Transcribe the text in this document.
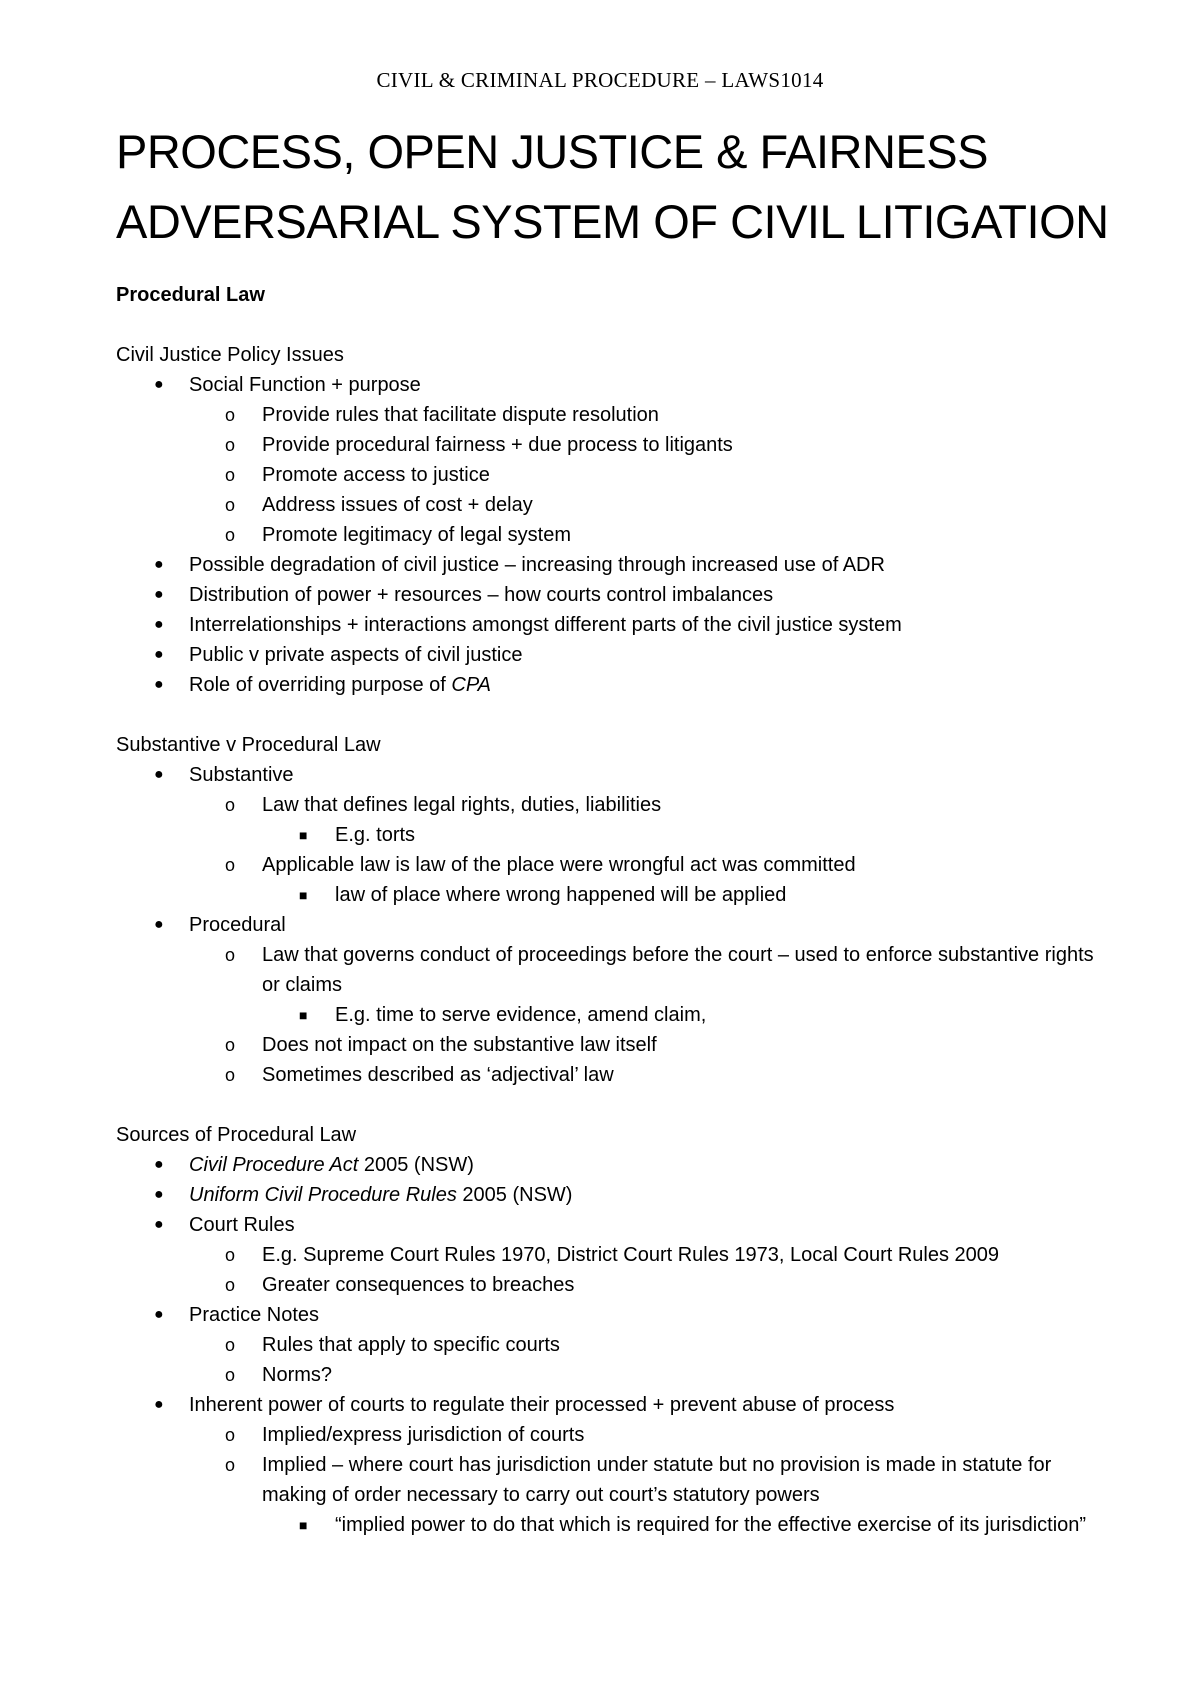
CIVIL & CRIMINAL PROCEDURE – LAWS1014
PROCESS, OPEN JUSTICE & FAIRNESS
ADVERSARIAL SYSTEM OF CIVIL LITIGATION
Procedural Law
Civil Justice Policy Issues
● Social Function + purpose
o Provide rules that facilitate dispute resolution
o Provide procedural fairness + due process to litigants
o Promote access to justice
o Address issues of cost + delay
o Promote legitimacy of legal system
● Possible degradation of civil justice – increasing through increased use of ADR
● Distribution of power + resources – how courts control imbalances
● Interrelationships + interactions amongst different parts of the civil justice system
● Public v private aspects of civil justice
● Role of overriding purpose of CPA
Substantive v Procedural Law
● Substantive
o Law that defines legal rights, duties, liabilities
■ E.g. torts
o Applicable law is law of the place were wrongful act was committed
■ law of place where wrong happened will be applied
● Procedural
o Law that governs conduct of proceedings before the court – used to enforce substantive rights or claims
■ E.g. time to serve evidence, amend claim,
o Does not impact on the substantive law itself
o Sometimes described as ‘adjectival’ law
Sources of Procedural Law
● Civil Procedure Act 2005 (NSW)
● Uniform Civil Procedure Rules 2005 (NSW)
● Court Rules
o E.g. Supreme Court Rules 1970, District Court Rules 1973, Local Court Rules 2009
o Greater consequences to breaches
● Practice Notes
o Rules that apply to specific courts
o Norms?
● Inherent power of courts to regulate their processed + prevent abuse of process
o Implied/express jurisdiction of courts
o Implied – where court has jurisdiction under statute but no provision is made in statute for making of order necessary to carry out court’s statutory powers
■ “implied power to do that which is required for the effective exercise of its jurisdiction”
